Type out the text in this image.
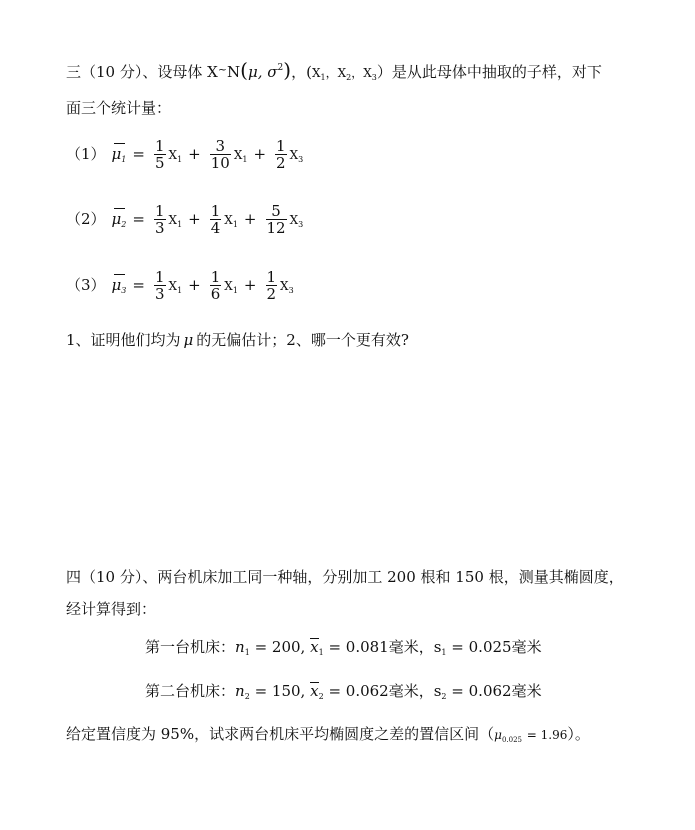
三（10 分）、设母体 X~N(μ, $\sigma^2$)，($X_1$，$X_2$，$X_3$）是从此母体中抽取的子样，对下
面三个统计量：
（1） $\mu_1 = \frac{1}{5} X_1 + \frac{3}{10} X_1 + \frac{1}{2} X_3$
（2） $\mu_2 = \frac{1}{3} X_1 + \frac{1}{4} X_1 + \frac{5}{12} X_3$
（3） $\mu_3 = \frac{1}{3} X_1 + \frac{1}{6} X_1 + \frac{1}{2} X_3$
1、证明他们均为 μ 的无偏估计；2、哪一个更有效?
四（10 分）、两台机床加工同一种轴，分别加工 200 根和 150 根，测量其椭圆度，
经计算得到：
第一台机床：$n_1 = 200$, $x_1 = 0.081$毫米，$s_1 = 0.025$毫米
第二台机床：$n_2 = 150$, $x_2 = 0.062$毫米，$s_2 = 0.062$毫米
给定置信度为 95%，试求两台机床平均椭圆度之差的置信区间$(\mu_{0.025} = 1.96)$。
